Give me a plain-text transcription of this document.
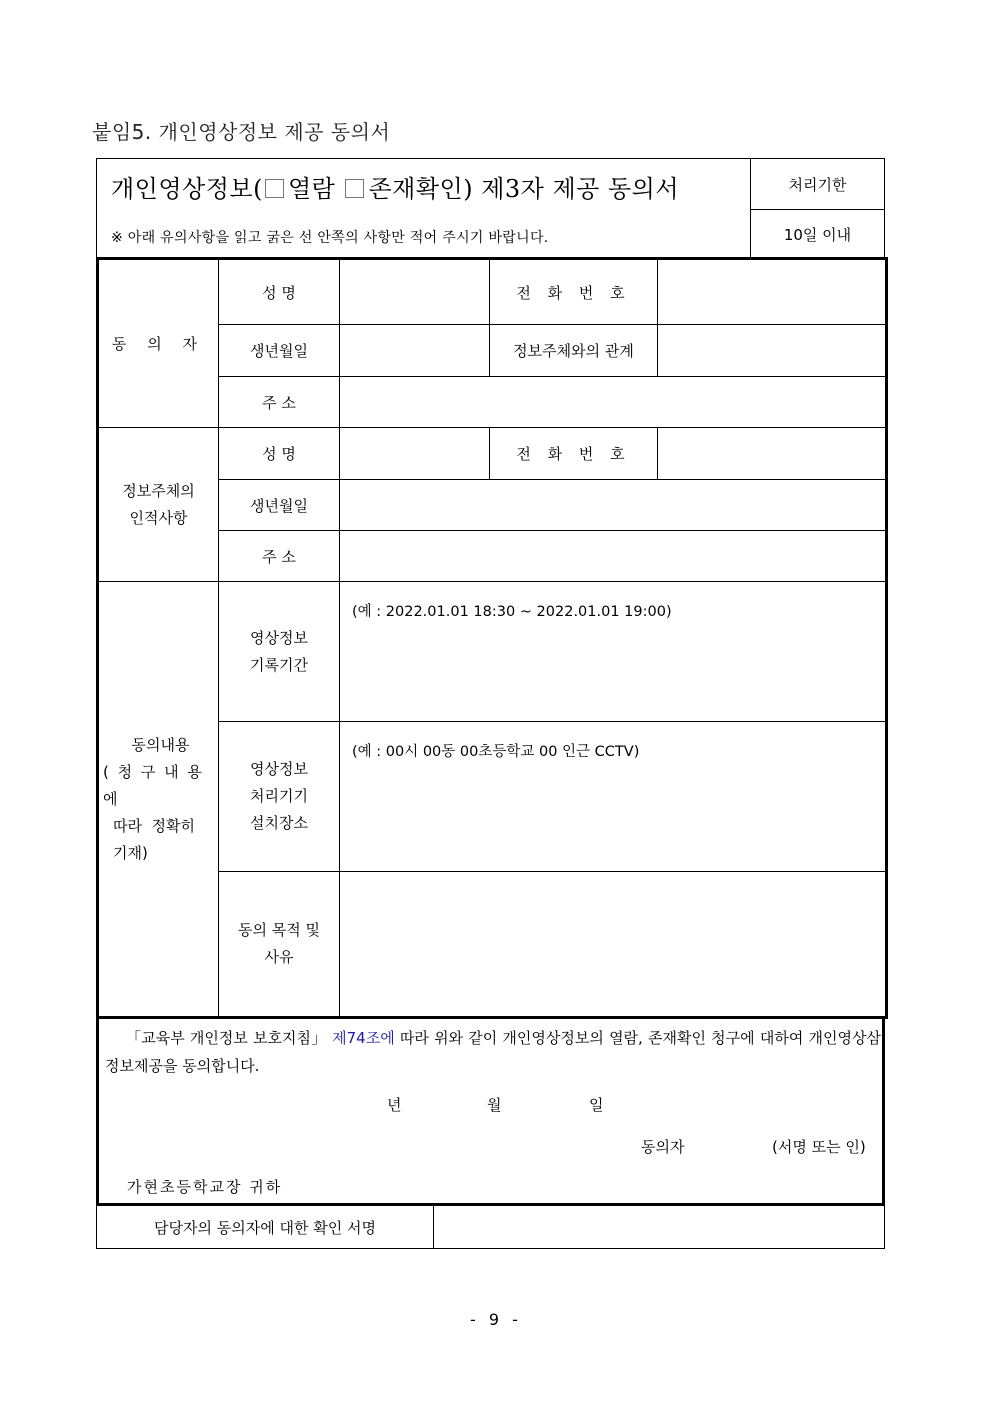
붙임5. 개인영상정보 제공 동의서
개인영상정보( 열람 존재확인) 제3자 제공 동의서
※ 아래 유의사항을 읽고 굵은 선 안쪽의 사항만 적어 주시기 바랍니다.
처리기한
10일 이내
동 의 자	성 명		전 화 번 호	
	생년월일		정보주체와의 관계	
	주 소			

정보주체의
인적사항	성 명		전 화 번 호	
	생년월일			
	주 소			

동의내용
( 청 구 내 용 에
따라  정확히
기재)

영상정보
기록기간
	(예 : 2022.01.01 18:30 ~ 2022.01.01 19:00)

	영상정보
처리기기
설치장소	(예 : 00시 00동 00초등학교 00 인근 CCTV)		

	동의 목적 및
사유			

「교육부 개인정보 보호지침」 제74조에 따라 위와 같이 개인영상정보의 열람, 존재확인 청구에 대하여 개인영상삼정보제공을 동의합니다.
년	월	일
동의자	(서명 또는 인)
가현초등학교장 귀하
담당자의 동의자에 대한 확인 서명
- 9 -
